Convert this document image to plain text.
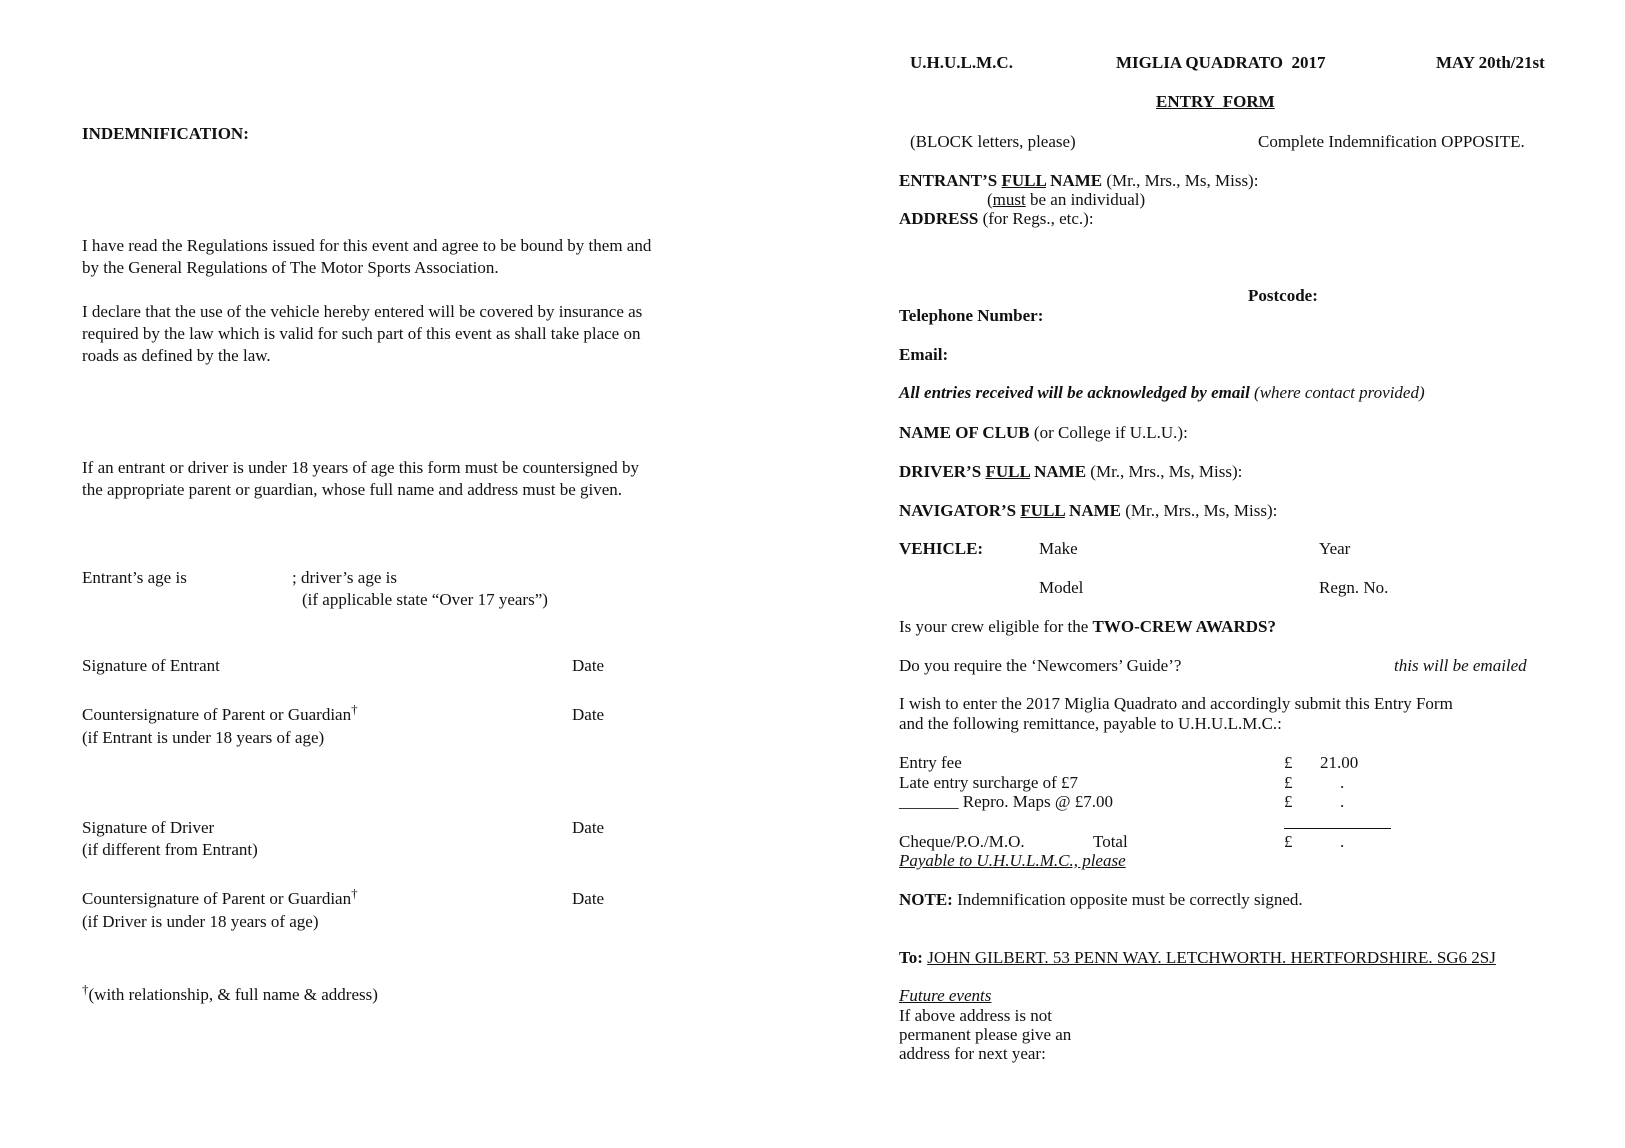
INDEMNIFICATION:
I have read the Regulations issued for this event and agree to be bound by them and
by the General Regulations of The Motor Sports Association.
I declare that the use of the vehicle hereby entered will be covered by insurance as
required by the law which is valid for such part of this event as shall take place on
roads as defined by the law.
If an entrant or driver is under 18 years of age this form must be countersigned by
the appropriate parent or guardian, whose full name and address must be given.
Entrant’s age is	; driver’s age is
(if applicable state “Over 17 years”)
Signature of Entrant	Date
Countersignature of Parent or Guardian†	Date
(if Entrant is under 18 years of age)
Signature of Driver	Date
(if different from Entrant)
Countersignature of Parent or Guardian†	Date
(if Driver is under 18 years of age)
†(with relationship, & full name & address)
U.H.U.L.M.C.	MIGLIA QUADRATO  2017	MAY 20th/21st
ENTRY  FORM
(BLOCK letters, please)	Complete Indemnification OPPOSITE.
ENTRANT’S FULL NAME (Mr., Mrs., Ms, Miss):
(must be an individual)
ADDRESS (for Regs., etc.):
Postcode:
Telephone Number:
Email:
All entries received will be acknowledged by email (where contact provided)
NAME OF CLUB (or College if U.L.U.):
DRIVER’S FULL NAME (Mr., Mrs., Ms, Miss):
NAVIGATOR’S FULL NAME (Mr., Mrs., Ms, Miss):
VEHICLE:	Make	Year
Model	Regn. No.
Is your crew eligible for the TWO-CREW AWARDS?
Do you require the ‘Newcomers’ Guide’?	this will be emailed
I wish to enter the 2017 Miglia Quadrato and accordingly submit this Entry Form
and the following remittance, payable to U.H.U.L.M.C.:
Entry fee	£ 21.00
Late entry surcharge of £7	£	.
_______ Repro. Maps @ £7.00	£	.
Cheque/P.O./M.O.	Total	£	.
Payable to U.H.U.L.M.C., please
NOTE: Indemnification opposite must be correctly signed.
To: JOHN GILBERT. 53 PENN WAY. LETCHWORTH. HERTFORDSHIRE. SG6 2SJ
Future events
If above address is not
permanent please give an
address for next year:
